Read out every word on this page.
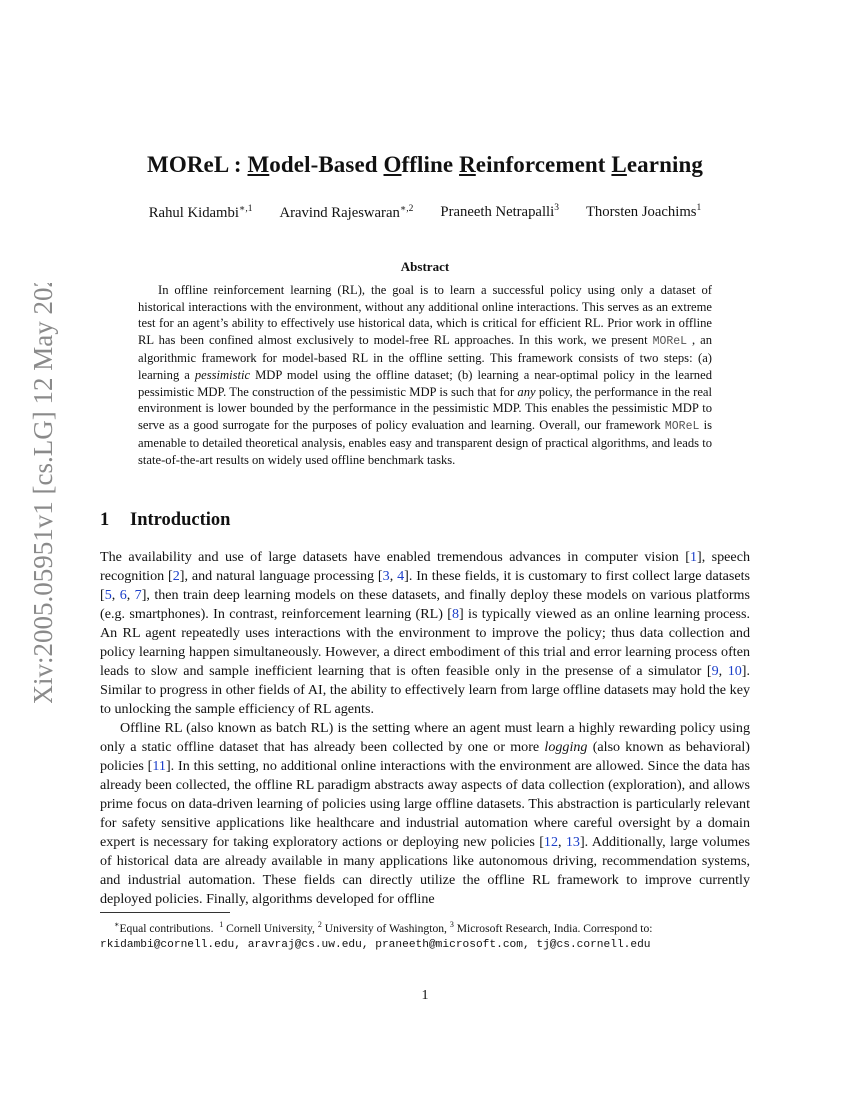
arXiv:2005.05951v1 [cs.LG] 12 May 2020
MOReL : Model-Based Offline Reinforcement Learning
Rahul Kidambi$^{∗,1}$ Aravind Rajeswaran$^{∗,2}$ Praneeth Netrapalli$^3$ Thorsten Joachims$^1$
Abstract
In offline reinforcement learning (RL), the goal is to learn a successful policy using only a dataset of historical interactions with the environment, without any additional online interactions. This serves as an extreme test for an agent’s ability to effectively use historical data, which is critical for efficient RL. Prior work in offline RL has been confined almost exclusively to model-free RL approaches. In this work, we present MOReL , an algorithmic framework for model-based RL in the offline setting. This framework consists of two steps: (a) learning a pessimistic MDP model using the offline dataset; (b) learning a near-optimal policy in the learned pessimistic MDP. The construction of the pessimistic MDP is such that for any policy, the performance in the real environment is lower bounded by the performance in the pessimistic MDP. This enables the pessimistic MDP to serve as a good surrogate for the purposes of policy evaluation and learning. Overall, our framework MOReL is amenable to detailed theoretical analysis, enables easy and transparent design of practical algorithms, and leads to state-of-the-art results on widely used offline benchmark tasks.
1 Introduction

The availability and use of large datasets have enabled tremendous advances in computer vision [1], speech recognition [2], and natural language processing [3, 4]. In these fields, it is customary to first collect large datasets [5, 6, 7], then train deep learning models on these datasets, and finally deploy these models on various platforms (e.g. smartphones). In contrast, reinforcement learning (RL) [8] is typically viewed as an online learning process. An RL agent repeatedly uses interactions with the environment to improve the policy; thus data collection and policy learning happen simultaneously. However, a direct embodiment of this trial and error learning process often leads to slow and sample inefficient learning that is often feasible only in the presense of a simulator [9, 10]. Similar to progress in other fields of AI, the ability to effectively learn from large offline datasets may hold the key to unlocking the sample efficiency of RL agents.

Offline RL (also known as batch RL) is the setting where an agent must learn a highly rewarding policy using only a static offline dataset that has already been collected by one or more logging (also known as behavioral) policies [11]. In this setting, no additional online interactions with the environment are allowed. Since the data has already been collected, the offline RL paradigm abstracts away aspects of data collection (exploration), and allows prime focus on data-driven learning of policies using large offline datasets. This abstraction is particularly relevant for safety sensitive applications like healthcare and industrial automation where careful oversight by a domain expert is necessary for taking exploratory actions or deploying new policies [12, 13]. Additionally, large volumes of historical data are already available in many applications like autonomous driving, recommendation systems, and industrial automation. These fields can directly utilize the offline RL framework to improve currently deployed policies. Finally, algorithms developed for offline

∗Equal contributions. $^1$ Cornell University, $^2$ University of Washington, $^3$ Microsoft Research, India. Correspond to:
rkidambi@cornell.edu, aravraj@cs.uw.edu, praneeth@microsoft.com, tj@cs.cornell.edu
1
